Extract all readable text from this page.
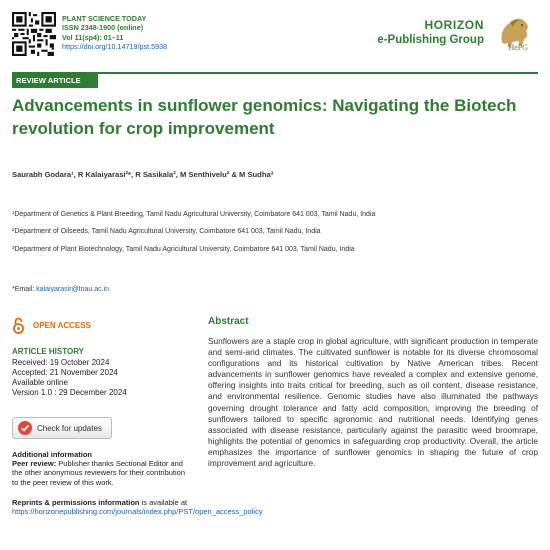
PLANT SCIENCE TODAY
ISSN 2348-1900 (online)
Vol 11(sp4): 01–11
https://doi.org/10.14719/pst.5938
HORIZON
e-Publishing Group
HePG
REVIEW ARTICLE
Advancements in sunflower genomics: Navigating the Biotech revolution for crop improvement
Saurabh Godara¹, R Kalaiyarasi²*, R Sasikala², M Senthivelu² & M Sudha³
¹Department of Genetics & Plant Breeding, Tamil Nadu Agricultural University, Coimbatore 641 003, Tamil Nadu, India
²Department of Oilseeds, Tamil Nadu Agricultural University, Coimbatore 641 003, Tamil Nadu, India
³Department of Plant Biotechnology, Tamil Nadu Agricultural University, Coimbatore 641 003, Tamil Nadu, India
*Email: kalaiyarasir@tnau.ac.in
OPEN ACCESS
ARTICLE HISTORY
Received: 19 October 2024
Accepted: 21 November 2024
Available online
Version 1.0 : 29 December 2024
Check for updates
Additional information
Peer review: Publisher thanks Sectional Editor and the other anonymous reviewers for their contribution to the peer review of this work.
Reprints & permissions information is available at https://horizonepublishing.com/journals/index.php/PST/open_access_policy
Abstract

Sunflowers are a staple crop in global agriculture, with significant production in temperate and semi-arid climates. The cultivated sunflower is notable for its diverse chromosomal configurations and its historical cultivation by Native American tribes. Recent advancements in sunflower genomics have revealed a complex and extensive genome, offering insights into traits critical for breeding, such as oil content, disease resistance, and environmental resilience. Genomic studies have also illuminated the pathways governing drought tolerance and fatty acid composition, improving the breeding of sunflowers tailored to specific agronomic and nutritional needs. Identifying genes associated with disease resistance, particularly against the parasitic weed broomrape, highlights the potential of genomics in safeguarding crop productivity. Overall, the article emphasizes the importance of sunflower genomics in shaping the future of crop improvement and agriculture.
